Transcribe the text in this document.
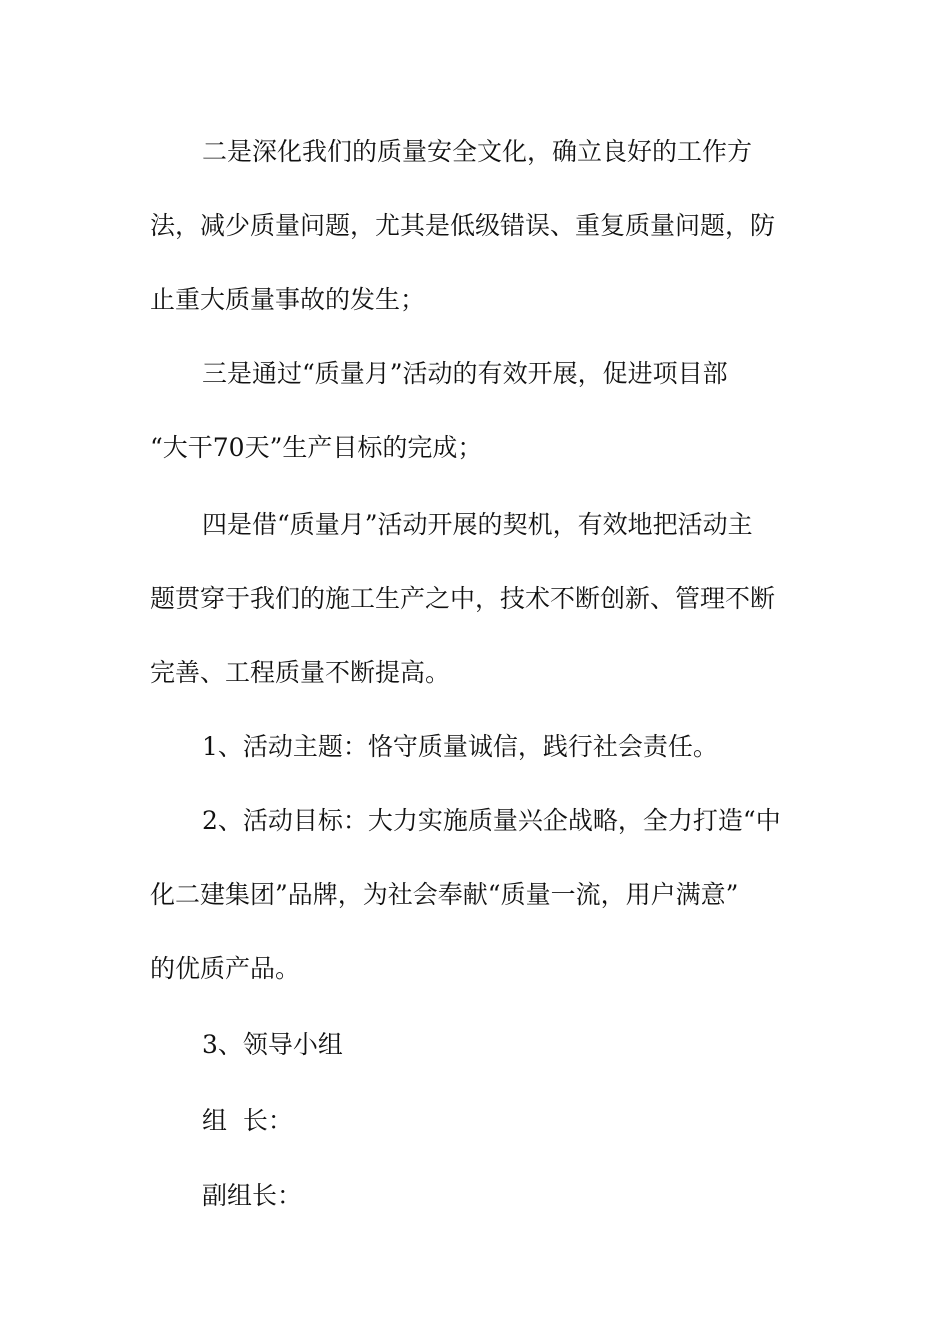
二是深化我们的质量安全文化，确立良好的工作方
法，减少质量问题，尤其是低级错误、重复质量问题，防
止重大质量事故的发生；
三是通过“质量月”活动的有效开展，促进项目部
“大干70天”生产目标的完成；
四是借“质量月”活动开展的契机，有效地把活动主
题贯穿于我们的施工生产之中，技术不断创新、管理不断
完善、工程质量不断提高。
1、活动主题：恪守质量诚信，践行社会责任。
2、活动目标：大力实施质量兴企战略，全力打造“中
化二建集团”品牌，为社会奉献“质量一流，用户满意”
的优质产品。
3、领导小组
组  长：
副组长：
